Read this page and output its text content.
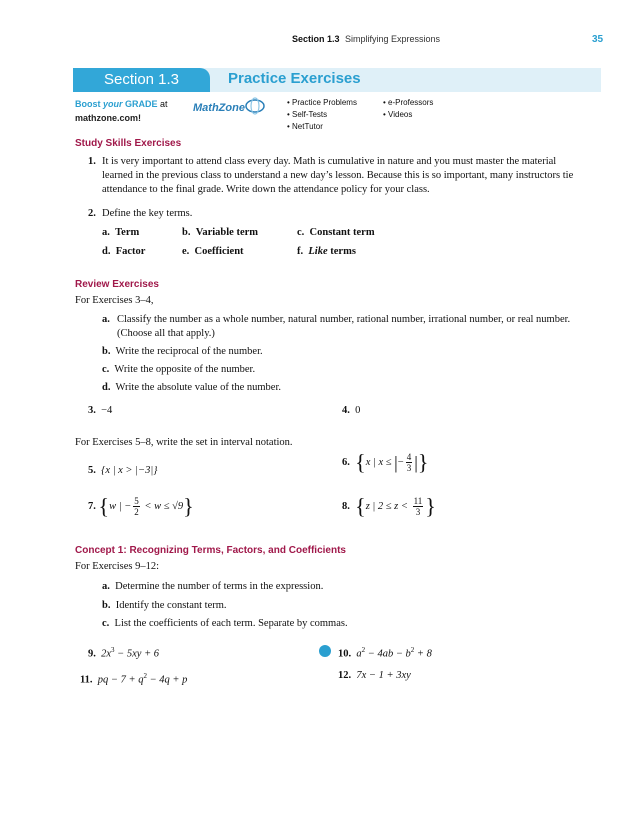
Section 1.3 Simplifying Expressions	35
Section 1.3	Practice Exercises
Boost your GRADE at
mathzone.com!
MathZone
•	Practice Problems
• Self-Tests
• NetTutor
• e-Professors
• Videos
Study Skills Exercises
1. It is very important to attend class every day. Math is cumulative in nature and you must master the material learned in the previous class to understand a new day’s lesson. Because this is so important, many instructors tie attendance to the final grade. Write down the attendance policy for your class.
2. Define the key terms.
a. Term	b. Variable term	c. Constant term
d. Factor	e. Coefficient	f. Like terms
Review Exercises
For Exercises 3–4,
a. Classify the number as a whole number, natural number, rational number, irrational number, or real number. (Choose all that apply.)
b. Write the reciprocal of the number.
c. Write the opposite of the number.
d. Write the absolute value of the number.
3. −4	4. 0
For Exercises 5–8, write the set in interval notation.
5. {x | x > |−3|}
6. {x | x ≤ |− $\frac{4}{3}$ |}
7. {w | − $\frac{5}{2} < w \le √9$}	8. {z | $2 \le z < \frac{11}{3}$ }
Concept 1: Recognizing Terms, Factors, and Coefficients
For Exercises 9–12:
a. Determine the number of terms in the expression.
b. Identify the constant term.
c. List the coefficients of each term. Separate by commas.
9. $2x^3 - 5xy + 6$	10. $a^2 - 4ab - b^2 + 8$
11. pq − $7 + q^2 - 4q + p$	12. 7x − 1 + 3xy
